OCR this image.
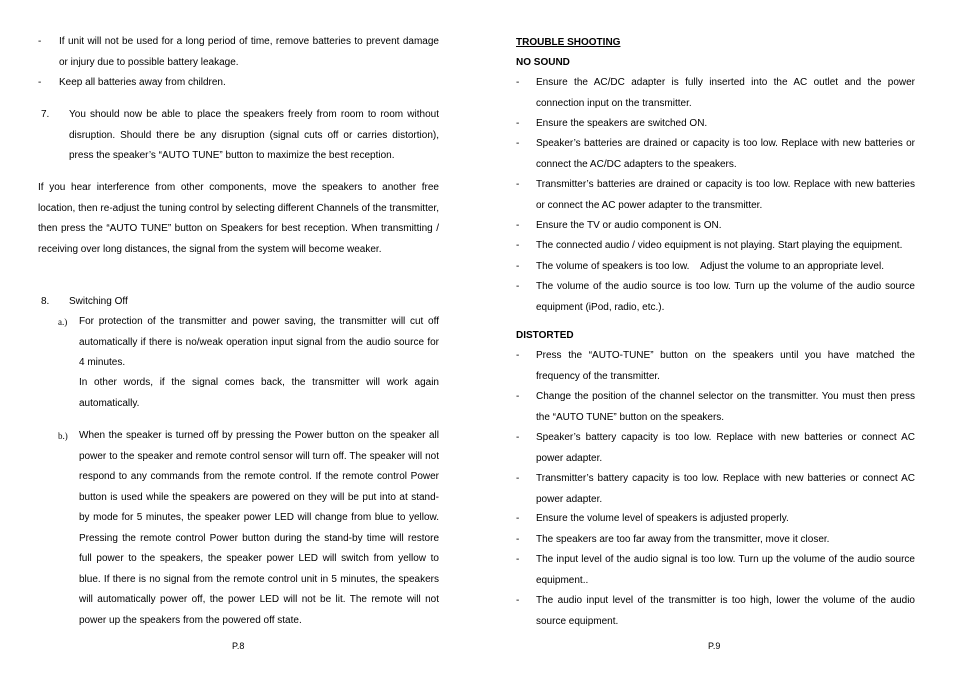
- If unit will not be used for a long period of time, remove batteries to prevent damage or injury due to possible battery leakage.
- Keep all batteries away from children.
7. You should now be able to place the speakers freely from room to room without disruption. Should there be any disruption (signal cuts off or carries distortion), press the speaker’s “AUTO TUNE” button to maximize the best reception.
If you hear interference from other components, move the speakers to another free location, then re-adjust the tuning control by selecting different Channels of the transmitter, then press the “AUTO TUNE” button on Speakers for best reception. When transmitting / receiving over long distances, the signal from the system will become weaker.
8. Switching Off
a.) For protection of the transmitter and power saving, the transmitter will cut off automatically if there is no/weak operation input signal from the audio source for 4 minutes.
In other words, if the signal comes back, the transmitter will work again automatically.
b.) When the speaker is turned off by pressing the Power button on the speaker all power to the speaker and remote control sensor will turn off. The speaker will not respond to any commands from the remote control. If the remote control Power button is used while the speakers are powered on they will be put into at stand-by mode for 5 minutes, the speaker power LED will change from blue to yellow. Pressing the remote control Power button during the stand-by time will restore full power to the speakers, the speaker power LED will switch from yellow to blue. If there is no signal from the remote control unit in 5 minutes, the speakers will automatically power off, the power LED will not be lit. The remote will not power up the speakers from the powered off state.
P.8
TROUBLE SHOOTING
NO SOUND
- Ensure the AC/DC adapter is fully inserted into the AC outlet and the power connection input on the transmitter.
- Ensure the speakers are switched ON.
- Speaker’s batteries are drained or capacity is too low. Replace with new batteries or connect the AC/DC adapters to the speakers.
- Transmitter’s batteries are drained or capacity is too low. Replace with new batteries or connect the AC power adapter to the transmitter.
- Ensure the TV or audio component is ON.
- The connected audio / video equipment is not playing. Start playing the equipment.
- The volume of speakers is too low.    Adjust the volume to an appropriate level.
- The volume of the audio source is too low. Turn up the volume of the audio source equipment (iPod, radio, etc.).
DISTORTED
- Press the “AUTO-TUNE” button on the speakers until you have matched the frequency of the transmitter.
- Change the position of the channel selector on the transmitter. You must then press the “AUTO TUNE” button on the speakers.
- Speaker’s battery capacity is too low. Replace with new batteries or connect AC power adapter.
- Transmitter’s battery capacity is too low. Replace with new batteries or connect AC power adapter.
- Ensure the volume level of speakers is adjusted properly.
- The speakers are too far away from the transmitter, move it closer.
- The input level of the audio signal is too low. Turn up the volume of the audio source equipment..
- The audio input level of the transmitter is too high, lower the volume of the audio source equipment.
P.9
